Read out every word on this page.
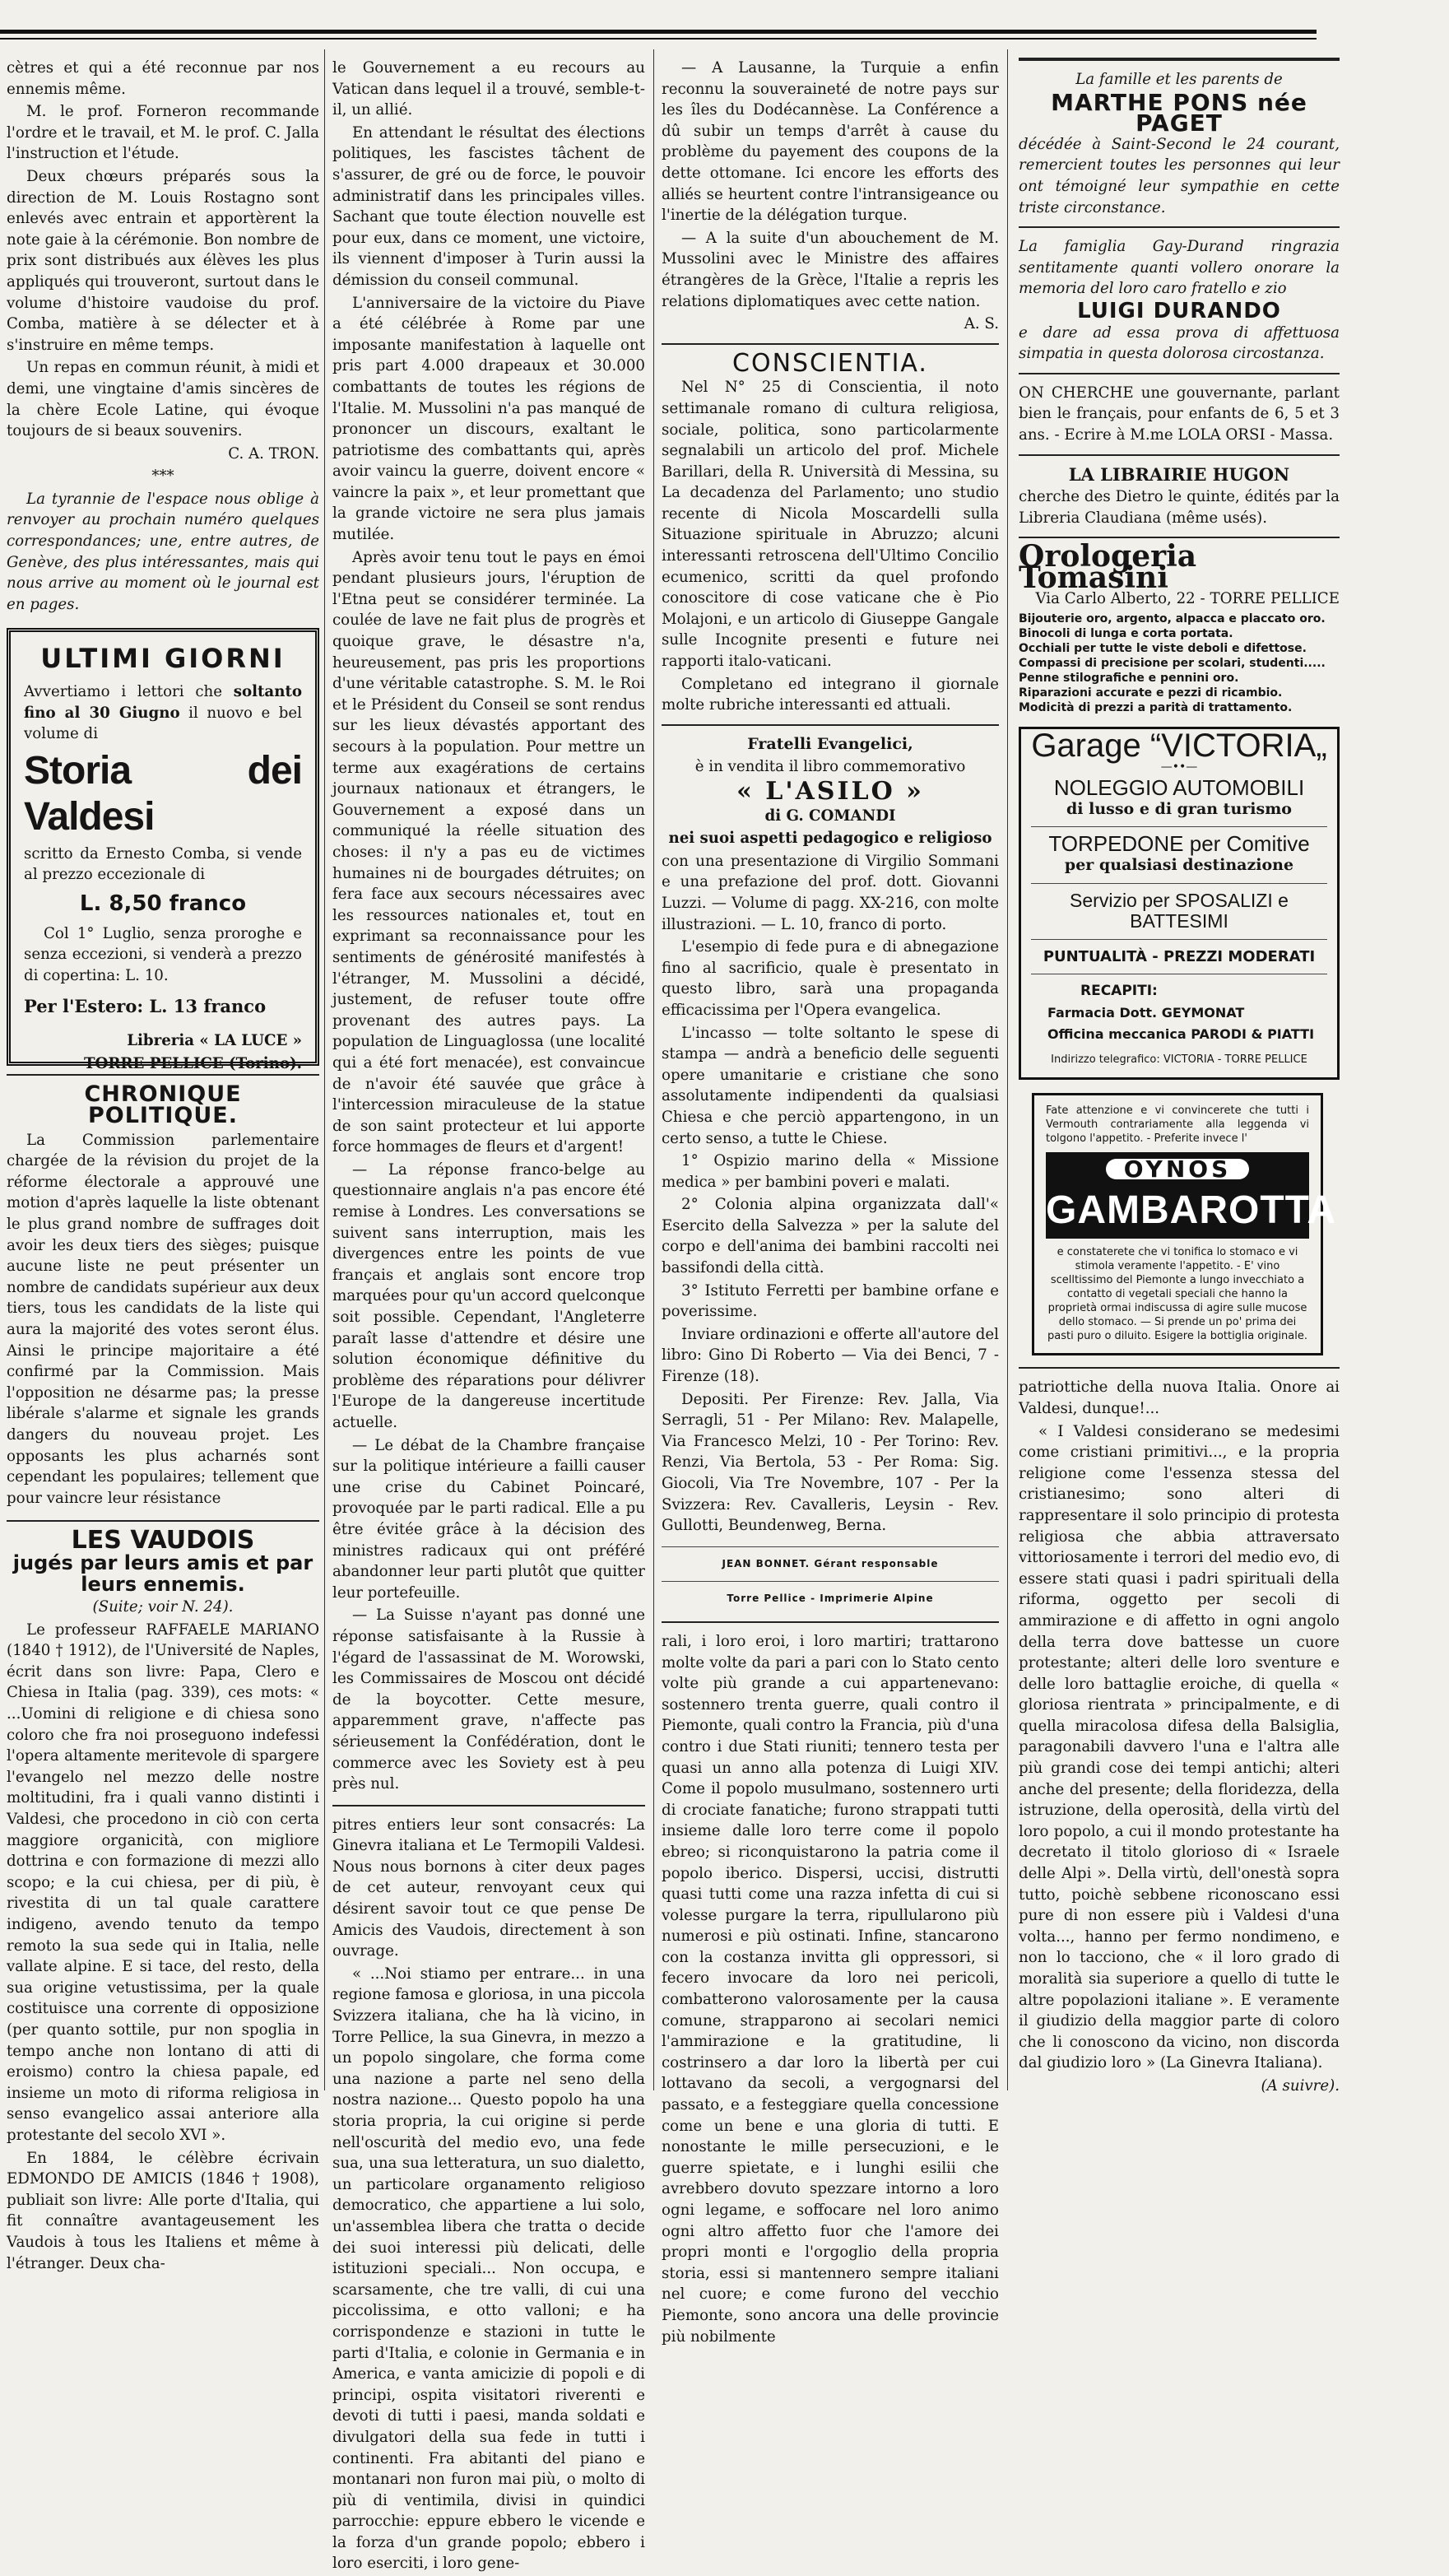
cètres et qui a été reconnue par nos ennemis même.

M. le prof. Forneron recommande l'ordre et le travail, et M. le prof. C. Jalla l'instruction et l'étude.

Deux chœurs préparés sous la direction de M. Louis Rostagno sont enlevés avec entrain et apportèrent la note gaie à la cérémonie. Bon nombre de prix sont distribués aux élèves les plus appliqués qui trouveront, surtout dans le volume d'histoire vaudoise du prof. Comba, matière à se délecter et à s'instruire en même temps.

Un repas en commun réunit, à midi et demi, une vingtaine d'amis sincères de la chère Ecole Latine, qui évoque toujours de si beaux souvenirs.

C. A. TRON.

***

La tyrannie de l'espace nous oblige à renvoyer au prochain numéro quelques correspondances; une, entre autres, de Genève, des plus intéressantes, mais qui nous arrive au moment où le journal est en pages.

ULTIMI GIORNI

Avvertiamo i lettori che soltanto fino al 30 Giugno il nuovo e bel volume di

Storia dei Valdesi

scritto da Ernesto Comba, si vende al prezzo eccezionale di

L. 8,50 franco

Col 1° Luglio, senza proroghe e senza eccezioni, si venderà a prezzo di copertina: L. 10.

Per l'Estero: L. 13 franco

Libreria « LA LUCE »

TORRE PELLICE (Torino).

CHRONIQUE POLITIQUE.

La Commission parlementaire chargée de la révision du projet de la réforme électorale a approuvé une motion d'après laquelle la liste obtenant le plus grand nombre de suffrages doit avoir les deux tiers des sièges; puisque aucune liste ne peut présenter un nombre de candidats supérieur aux deux tiers, tous les candidats de la liste qui aura la majorité des votes seront élus. Ainsi le principe majoritaire a été confirmé par la Commission. Mais l'opposition ne désarme pas; la presse libérale s'alarme et signale les grands dangers du nouveau projet. Les opposants les plus acharnés sont cependant les populaires; tellement que pour vaincre leur résistance

LES VAUDOIS
jugés par leurs amis et par leurs ennemis.

(Suite; voir N. 24).

Le professeur RAFFAELE MARIANO (1840 † 1912), de l'Université de Naples, écrit dans son livre: Papa, Clero e Chiesa in Italia (pag. 339), ces mots: « ...Uomini di religione e di chiesa sono coloro che fra noi proseguono indefessi l'opera altamente meritevole di spargere l'evangelo nel mezzo delle nostre moltitudini, fra i quali vanno distinti i Valdesi, che procedono in ciò con certa maggiore organicità, con migliore dottrina e con formazione di mezzi allo scopo; e la cui chiesa, per di più, è rivestita di un tal quale carattere indigeno, avendo tenuto da tempo remoto la sua sede qui in Italia, nelle vallate alpine. E si tace, del resto, della sua origine vetustissima, per la quale costituisce una corrente di opposizione (per quanto sottile, pur non spoglia in tempo anche non lontano di atti di eroismo) contro la chiesa papale, ed insieme un moto di riforma religiosa in senso evangelico assai anteriore alla protestante del secolo XVI ».

En 1884, le célèbre écrivain EDMONDO DE AMICIS (1846 † 1908), publiait son livre: Alle porte d'Italia, qui fit connaître avantageusement les Vaudois à tous les Italiens et même à l'étranger. Deux cha-

le Gouvernement a eu recours au Vatican dans lequel il a trouvé, semble-t-il, un allié.

En attendant le résultat des élections politiques, les fascistes tâchent de s'assurer, de gré ou de force, le pouvoir administratif dans les principales villes. Sachant que toute élection nouvelle est pour eux, dans ce moment, une victoire, ils viennent d'imposer à Turin aussi la démission du conseil communal.

L'anniversaire de la victoire du Piave a été célébrée à Rome par une imposante manifestation à laquelle ont pris part 4.000 drapeaux et 30.000 combattants de toutes les régions de l'Italie. M. Mussolini n'a pas manqué de prononcer un discours, exaltant le patriotisme des combattants qui, après avoir vaincu la guerre, doivent encore « vaincre la paix », et leur promettant que la grande victoire ne sera plus jamais mutilée.

Après avoir tenu tout le pays en émoi pendant plusieurs jours, l'éruption de l'Etna peut se considérer terminée. La coulée de lave ne fait plus de progrès et quoique grave, le désastre n'a, heureusement, pas pris les proportions d'une véritable catastrophe. S. M. le Roi et le Président du Conseil se sont rendus sur les lieux dévastés apportant des secours à la population. Pour mettre un terme aux exagérations de certains journaux nationaux et étrangers, le Gouvernement a exposé dans un communiqué la réelle situation des choses: il n'y a pas eu de victimes humaines ni de bourgades détruites; on fera face aux secours nécessaires avec les ressources nationales et, tout en exprimant sa reconnaissance pour les sentiments de générosité manifestés à l'étranger, M. Mussolini a décidé, justement, de refuser toute offre provenant des autres pays. La population de Linguaglossa (une localité qui a été fort menacée), est convaincue de n'avoir été sauvée que grâce à l'intercession miraculeuse de la statue de son saint protecteur et lui apporte force hommages de fleurs et d'argent!

— La réponse franco-belge au questionnaire anglais n'a pas encore été remise à Londres. Les conversations se suivent sans interruption, mais les divergences entre les points de vue français et anglais sont encore trop marquées pour qu'un accord quelconque soit possible. Cependant, l'Angleterre paraît lasse d'attendre et désire une solution économique définitive du problème des réparations pour délivrer l'Europe de la dangereuse incertitude actuelle.

— Le débat de la Chambre française sur la politique intérieure a failli causer une crise du Cabinet Poincaré, provoquée par le parti radical. Elle a pu être évitée grâce à la décision des ministres radicaux qui ont préféré abandonner leur parti plutôt que quitter leur portefeuille.

— La Suisse n'ayant pas donné une réponse satisfaisante à la Russie à l'égard de l'assassinat de M. Worowski, les Commissaires de Moscou ont décidé de la boycotter. Cette mesure, apparemment grave, n'affecte pas sérieusement la Confédération, dont le commerce avec les Soviety est à peu près nul.

pitres entiers leur sont consacrés: La Ginevra italiana et Le Termopili Valdesi. Nous nous bornons à citer deux pages de cet auteur, renvoyant ceux qui désirent savoir tout ce que pense De Amicis des Vaudois, directement à son ouvrage.

« ...Noi stiamo per entrare... in una regione famosa e gloriosa, in una piccola Svizzera italiana, che ha là vicino, in Torre Pellice, la sua Ginevra, in mezzo a un popolo singolare, che forma come una nazione a parte nel seno della nostra nazione... Questo popolo ha una storia propria, la cui origine si perde nell'oscurità del medio evo, una fede sua, una sua letteratura, un suo dialetto, un particolare organamento religioso democratico, che appartiene a lui solo, un'assemblea libera che tratta o decide dei suoi interessi più delicati, delle istituzioni speciali... Non occupa, e scarsamente, che tre valli, di cui una piccolissima, e otto valloni; e ha corrispondenze e stazioni in tutte le parti d'Italia, e colonie in Germania e in America, e vanta amicizie di popoli e di principi, ospita visitatori riverenti e devoti di tutti i paesi, manda soldati e divulgatori della sua fede in tutti i continenti. Fra abitanti del piano e montanari non furon mai più, o molto di più di ventimila, divisi in quindici parrocchie: eppure ebbero le vicende e la forza d'un grande popolo; ebbero i loro eserciti, i loro gene-

— A Lausanne, la Turquie a enfin reconnu la souveraineté de notre pays sur les îles du Dodécannèse. La Conférence a dû subir un temps d'arrêt à cause du problème du payement des coupons de la dette ottomane. Ici encore les efforts des alliés se heurtent contre l'intransigeance ou l'inertie de la délégation turque.

— A la suite d'un abouchement de M. Mussolini avec le Ministre des affaires étrangères de la Grèce, l'Italie a repris les relations diplomatiques avec cette nation.

A. S.

CONSCIENTIA.

Nel N° 25 di Conscientia, il noto settimanale romano di cultura religiosa, sociale, politica, sono particolarmente segnalabili un articolo del prof. Michele Barillari, della R. Università di Messina, su La decadenza del Parlamento; uno studio recente di Nicola Moscardelli sulla Situazione spirituale in Abruzzo; alcuni interessanti retroscena dell'Ultimo Concilio ecumenico, scritti da quel profondo conoscitore di cose vaticane che è Pio Molajoni, e un articolo di Giuseppe Gangale sulle Incognite presenti e future nei rapporti italo-vaticani.

Completano ed integrano il giornale molte rubriche interessanti ed attuali.

Fratelli Evangelici,

è in vendita il libro commemorativo

« L'ASILO »

di G. COMANDI

nei suoi aspetti pedagogico e religioso

con una presentazione di Virgilio Sommani e una prefazione del prof. dott. Giovanni Luzzi. — Volume di pagg. XX-216, con molte illustrazioni. — L. 10, franco di porto.

L'esempio di fede pura e di abnegazione fino al sacrificio, quale è presentato in questo libro, sarà una propaganda efficacissima per l'Opera evangelica.

L'incasso — tolte soltanto le spese di stampa — andrà a beneficio delle seguenti opere umanitarie e cristiane che sono assolutamente indipendenti da qualsiasi Chiesa e che perciò appartengono, in un certo senso, a tutte le Chiese.

1° Ospizio marino della « Missione medica » per bambini poveri e malati.

2° Colonia alpina organizzata dall'« Esercito della Salvezza » per la salute del corpo e dell'anima dei bambini raccolti nei bassifondi della città.

3° Istituto Ferretti per bambine orfane e poverissime.

Inviare ordinazioni e offerte all'autore del libro: Gino Di Roberto — Via dei Benci, 7 - Firenze (18).

Depositi. Per Firenze: Rev. Jalla, Via Serragli, 51 - Per Milano: Rev. Malapelle, Via Francesco Melzi, 10 - Per Torino: Rev. Renzi, Via Bertola, 53 - Per Roma: Sig. Giocoli, Via Tre Novembre, 107 - Per la Svizzera: Rev. Cavalleris, Leysin - Rev. Gullotti, Beundenweg, Berna.

JEAN BONNET. Gérant responsable
Torre Pellice - Imprimerie Alpine

rali, i loro eroi, i loro martiri; trattarono molte volte da pari a pari con lo Stato cento volte più grande a cui appartenevano: sostennero trenta guerre, quali contro il Piemonte, quali contro la Francia, più d'una contro i due Stati riuniti; tennero testa per quasi un anno alla potenza di Luigi XIV. Come il popolo musulmano, sostennero urti di crociate fanatiche; furono strappati tutti insieme dalle loro terre come il popolo ebreo; si riconquistarono la patria come il popolo iberico. Dispersi, uccisi, distrutti quasi tutti come una razza infetta di cui si volesse purgare la terra, ripullularono più numerosi e più ostinati. Infine, stancarono con la costanza invitta gli oppressori, si fecero invocare da loro nei pericoli, combatterono valorosamente per la causa comune, strapparono ai secolari nemici l'ammirazione e la gratitudine, li costrinsero a dar loro la libertà per cui lottavano da secoli, a vergognarsi del passato, e a festeggiare quella concessione come un bene e una gloria di tutti. E nonostante le mille persecuzioni, e le guerre spietate, e i lunghi esilii che avrebbero dovuto spezzare intorno a loro ogni legame, e soffocare nel loro animo ogni altro affetto fuor che l'amore dei propri monti e l'orgoglio della propria storia, essi si mantennero sempre italiani nel cuore; e come furono del vecchio Piemonte, sono ancora una delle provincie più nobilmente

La famille et les parents de

MARTHE PONS née PAGET

décédée à Saint-Second le 24 courant, remercient toutes les personnes qui leur ont témoigné leur sympathie en cette triste circonstance.

La famiglia Gay-Durand ringrazia sentitamente quanti vollero onorare la memoria del loro caro fratello e zio

LUIGI DURANDO

e dare ad essa prova di affettuosa simpatia in questa dolorosa circostanza.

ON CHERCHE une gouvernante, parlant bien le français, pour enfants de 6, 5 et 3 ans. - Ecrire à M.me LOLA ORSI - Massa.

LA LIBRAIRIE HUGON

cherche des Dietro le quinte, édités par la Libreria Claudiana (même usés).

Orologeria Tomasini

Via Carlo Alberto, 22 - TORRE PELLICE

Bijouterie oro, argento, alpacca e placcato oro.
Binocoli di lunga e corta portata.
Occhiali per tutte le viste deboli e difettose.
Compassi di precisione per scolari, studenti.....
Penne stilografiche e pennini oro.
Riparazioni accurate e pezzi di ricambio.
Modicità di prezzi a parità di trattamento.
Garage “VICTORIA„
—••—
NOLEGGIO AUTOMOBILI
di lusso e di gran turismo
TORPEDONE per Comitive
per qualsiasi destinazione
Servizio per SPOSALIZI e BATTESIMI
PUNTUALITÀ - PREZZI MODERATI
RECAPITI:
Farmacia Dott. GEYMONAT
Officina meccanica PARODI & PIATTI
Indirizzo telegrafico: VICTORIA - TORRE PELLICE

Fate attenzione e vi convincerete che tutti i Vermouth contrariamente alla leggenda vi tolgono l'appetito. - Preferite invece l'

OYNOS
GAMBAROTTA

e constaterete che vi tonifica lo stomaco e vi stimola veramente l'appetito. - E' vino scelltissimo del Piemonte a lungo invecchiato a contatto di vegetali speciali che hanno la proprietà ormai indiscussa di agire sulle mucose dello stomaco. — Si prende un po' prima dei pasti puro o diluito. Esigere la bottiglia originale.

patriottiche della nuova Italia. Onore ai Valdesi, dunque!...

« I Valdesi considerano se medesimi come cristiani primitivi..., e la propria religione come l'essenza stessa del cristianesimo; sono alteri di rappresentare il solo principio di protesta religiosa che abbia attraversato vittoriosamente i terrori del medio evo, di essere stati quasi i padri spirituali della riforma, oggetto per secoli di ammirazione e di affetto in ogni angolo della terra dove battesse un cuore protestante; alteri delle loro sventure e delle loro battaglie eroiche, di quella « gloriosa rientrata » principalmente, e di quella miracolosa difesa della Balsiglia, paragonabili davvero l'una e l'altra alle più grandi cose dei tempi antichi; alteri anche del presente; della floridezza, della istruzione, della operosità, della virtù del loro popolo, a cui il mondo protestante ha decretato il titolo glorioso di « Israele delle Alpi ». Della virtù, dell'onestà sopra tutto, poichè sebbene riconoscano essi pure di non essere più i Valdesi d'una volta..., hanno per fermo nondimeno, e non lo tacciono, che « il loro grado di moralità sia superiore a quello di tutte le altre popolazioni italiane ». E veramente il giudizio della maggior parte di coloro che li conoscono da vicino, non discorda dal giudizio loro » (La Ginevra Italiana).

(A suivre).
